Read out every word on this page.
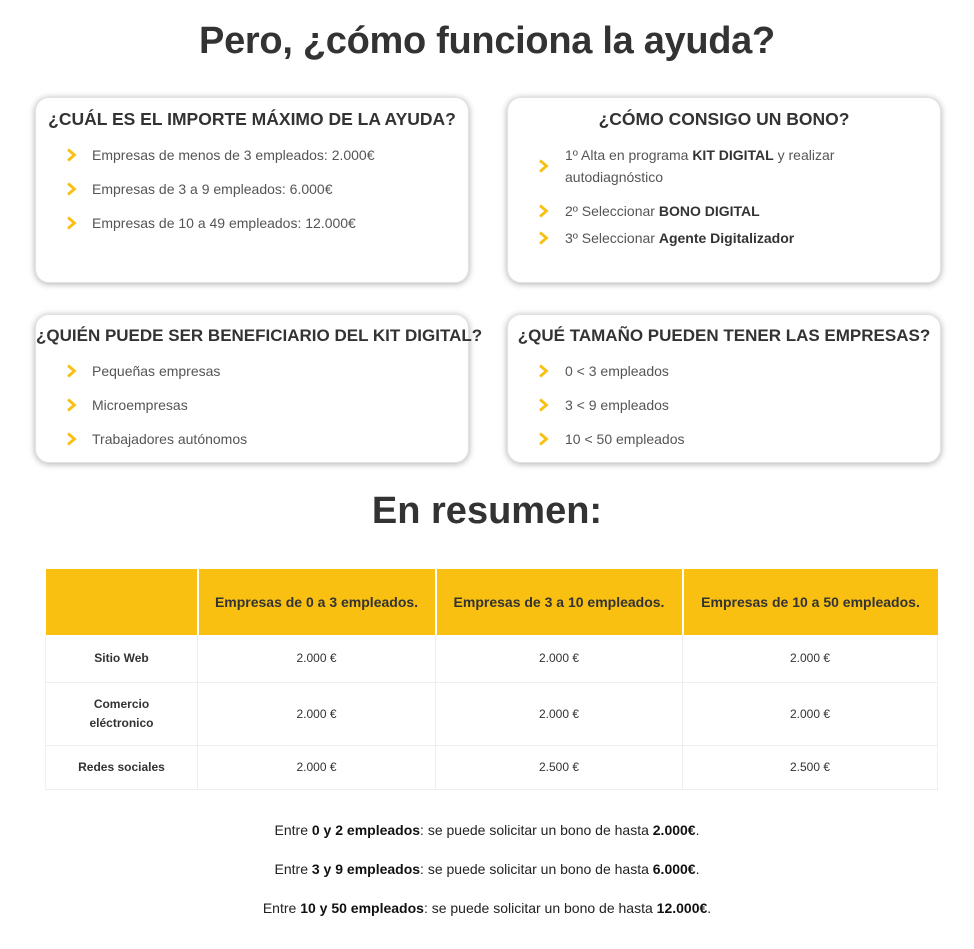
Pero, ¿cómo funciona la ayuda?
¿CUÁL ES EL IMPORTE MÁXIMO DE LA AYUDA?
Empresas de menos de 3 empleados: 2.000€
Empresas de 3 a 9 empleados: 6.000€
Empresas de 10 a 49 empleados: 12.000€
¿CÓMO CONSIGO UN BONO?
1º Alta en programa KIT DIGITAL y realizar
autodiagnóstico
2º Seleccionar BONO DIGITAL
3º Seleccionar Agente Digitalizador
¿QUIÉN PUEDE SER BENEFICIARIO DEL KIT DIGITAL?
Pequeñas empresas
Microempresas
Trabajadores autónomos
¿QUÉ TAMAÑO PUEDEN TENER LAS EMPRESAS?
0 < 3 empleados
3 < 9 empleados
10 < 50 empleados
En resumen:
	Empresas de 0 a 3 empleados.	Empresas de 3 a 10 empleados.	Empresas de 10 a 50 empleados.
Sitio Web	2.000 €	2.000 €	2.000 €
Comercio eléctronico	2.000 €	2.000 €	2.000 €
Redes sociales	2.000 €	2.500 €	2.500 €

Entre 0 y 2 empleados: se puede solicitar un bono de hasta 2.000€.

Entre 3 y 9 empleados: se puede solicitar un bono de hasta 6.000€.

Entre 10 y 50 empleados: se puede solicitar un bono de hasta 12.000€.
